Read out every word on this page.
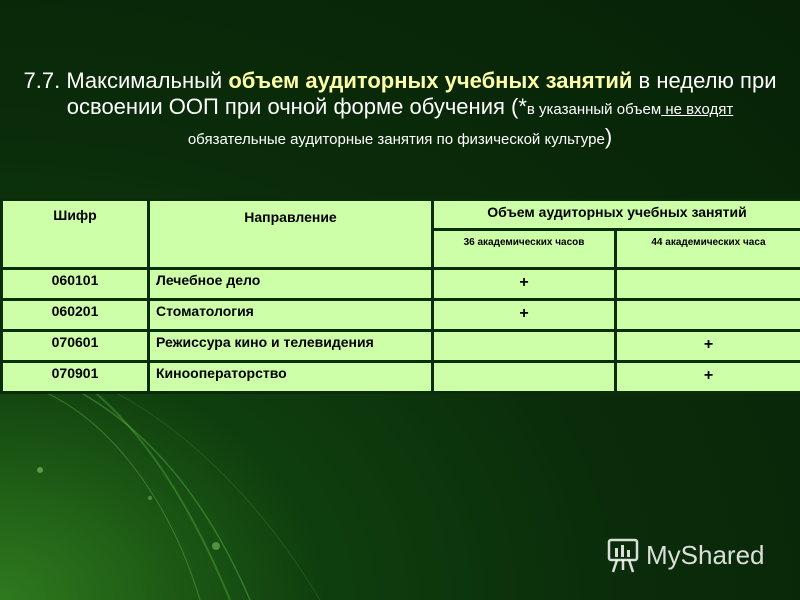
7.7. Максимальный объем аудиторных учебных занятий в неделю при
освоении ООП при очной форме обучения (*в указанный объем не входят
обязательные аудиторные занятия по физической культуре)
Шифр	Направление	Объем аудиторных учебных занятий	
		36 академических часов	44 академических часа
060101	Лечебное дело	+	
060201	Стоматология	+	
070601	Режиссура кино и телевидения		+
070901	Кинооператорство		+
MyShared
